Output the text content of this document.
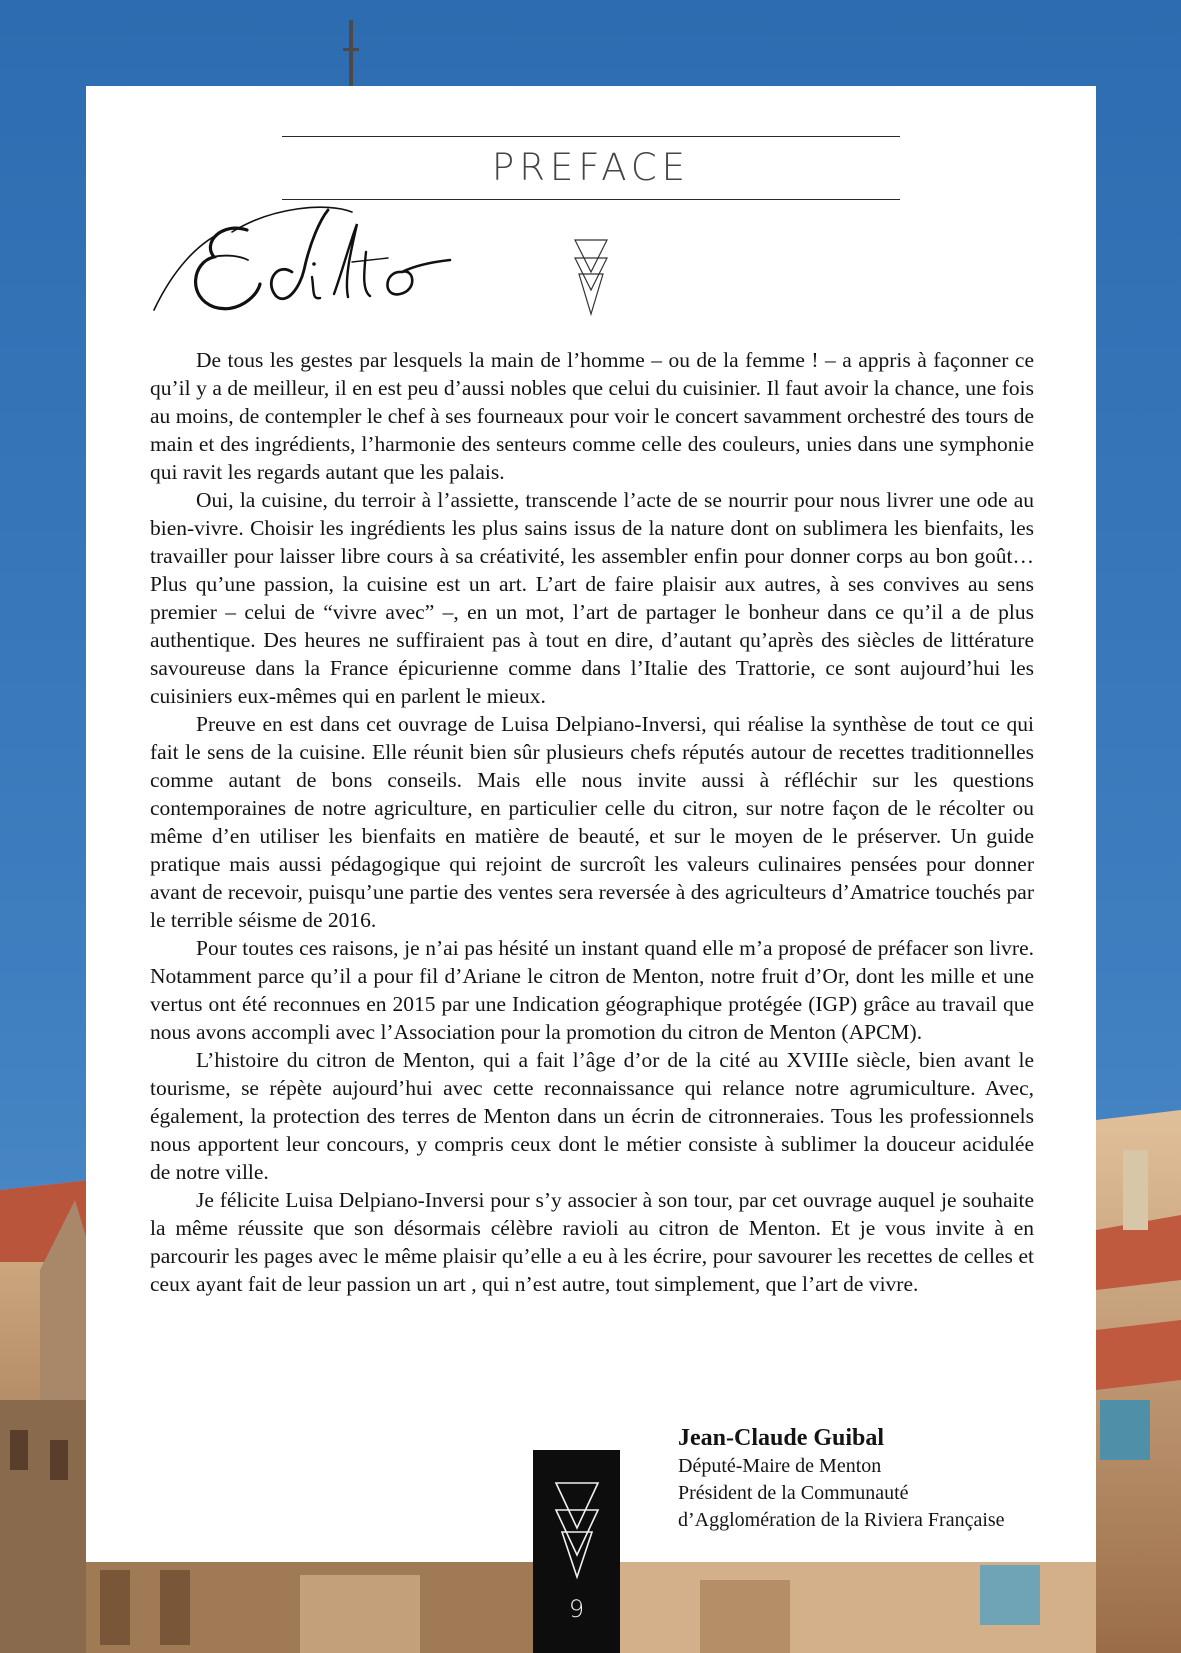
PREFACE
Edito

De tous les gestes par lesquels la main de l’homme – ou de la femme ! – a appris à façonner ce qu’il y a de meilleur, il en est peu d’aussi nobles que celui du cuisinier. Il faut avoir la chance, une fois au moins, de contempler le chef à ses fourneaux pour voir le concert savamment orchestré des tours de main et des ingrédients, l’harmonie des senteurs comme celle des couleurs, unies dans une symphonie qui ravit les regards autant que les palais.

Oui, la cuisine, du terroir à l’assiette, transcende l’acte de se nourrir pour nous livrer une ode au bien-vivre. Choisir les ingrédients les plus sains issus de la nature dont on sublimera les bienfaits, les travailler pour laisser libre cours à sa créativité, les assembler enfin pour donner corps au bon goût… Plus qu’une passion, la cuisine est un art. L’art de faire plaisir aux autres, à ses convives au sens premier – celui de “vivre avec” –, en un mot, l’art de partager le bonheur dans ce qu’il a de plus authentique. Des heures ne suffiraient pas à tout en dire, d’autant qu’après des siècles de littérature savoureuse dans la France épicurienne comme dans l’Italie des Trattorie, ce sont aujourd’hui les cuisiniers eux-mêmes qui en parlent le mieux.

Preuve en est dans cet ouvrage de Luisa Delpiano-Inversi, qui réalise la synthèse de tout ce qui fait le sens de la cuisine. Elle réunit bien sûr plusieurs chefs réputés autour de recettes traditionnelles comme autant de bons conseils. Mais elle nous invite aussi à réfléchir sur les questions contemporaines de notre agriculture, en particulier celle du citron, sur notre façon de le récolter ou même d’en utiliser les bienfaits en matière de beauté, et sur le moyen de le préserver. Un guide pratique mais aussi pédagogique qui rejoint de surcroît les valeurs culinaires pensées pour donner avant de recevoir, puisqu’une partie des ventes sera reversée à des agriculteurs d’Amatrice touchés par le terrible séisme de 2016.

Pour toutes ces raisons, je n’ai pas hésité un instant quand elle m’a proposé de préfacer son livre. Notamment parce qu’il a pour fil d’Ariane le citron de Menton, notre fruit d’Or, dont les mille et une vertus ont été reconnues en 2015 par une Indication géographique protégée (IGP) grâce au travail que nous avons accompli avec l’Association pour la promotion du citron de Menton (APCM).

L’histoire du citron de Menton, qui a fait l’âge d’or de la cité au XVIIIe siècle, bien avant le tourisme, se répète aujourd’hui avec cette reconnaissance qui relance notre agrumiculture. Avec, également, la protection des terres de Menton dans un écrin de citronneraies. Tous les professionnels nous apportent leur concours, y compris ceux dont le métier consiste à sublimer la douceur acidulée de notre ville.

Je félicite Luisa Delpiano-Inversi pour s’y associer à son tour, par cet ouvrage auquel je souhaite la même réussite que son désormais célèbre ravioli au citron de Menton. Et je vous invite à en parcourir les pages avec le même plaisir qu’elle a eu à les écrire, pour savourer les recettes de celles et ceux ayant fait de leur passion un art , qui n’est autre, tout simplement, que l’art de vivre.

Jean-Claude Guibal
Député-Maire de Menton
Président de la Communauté
d’Agglomération de la Riviera Française
9
